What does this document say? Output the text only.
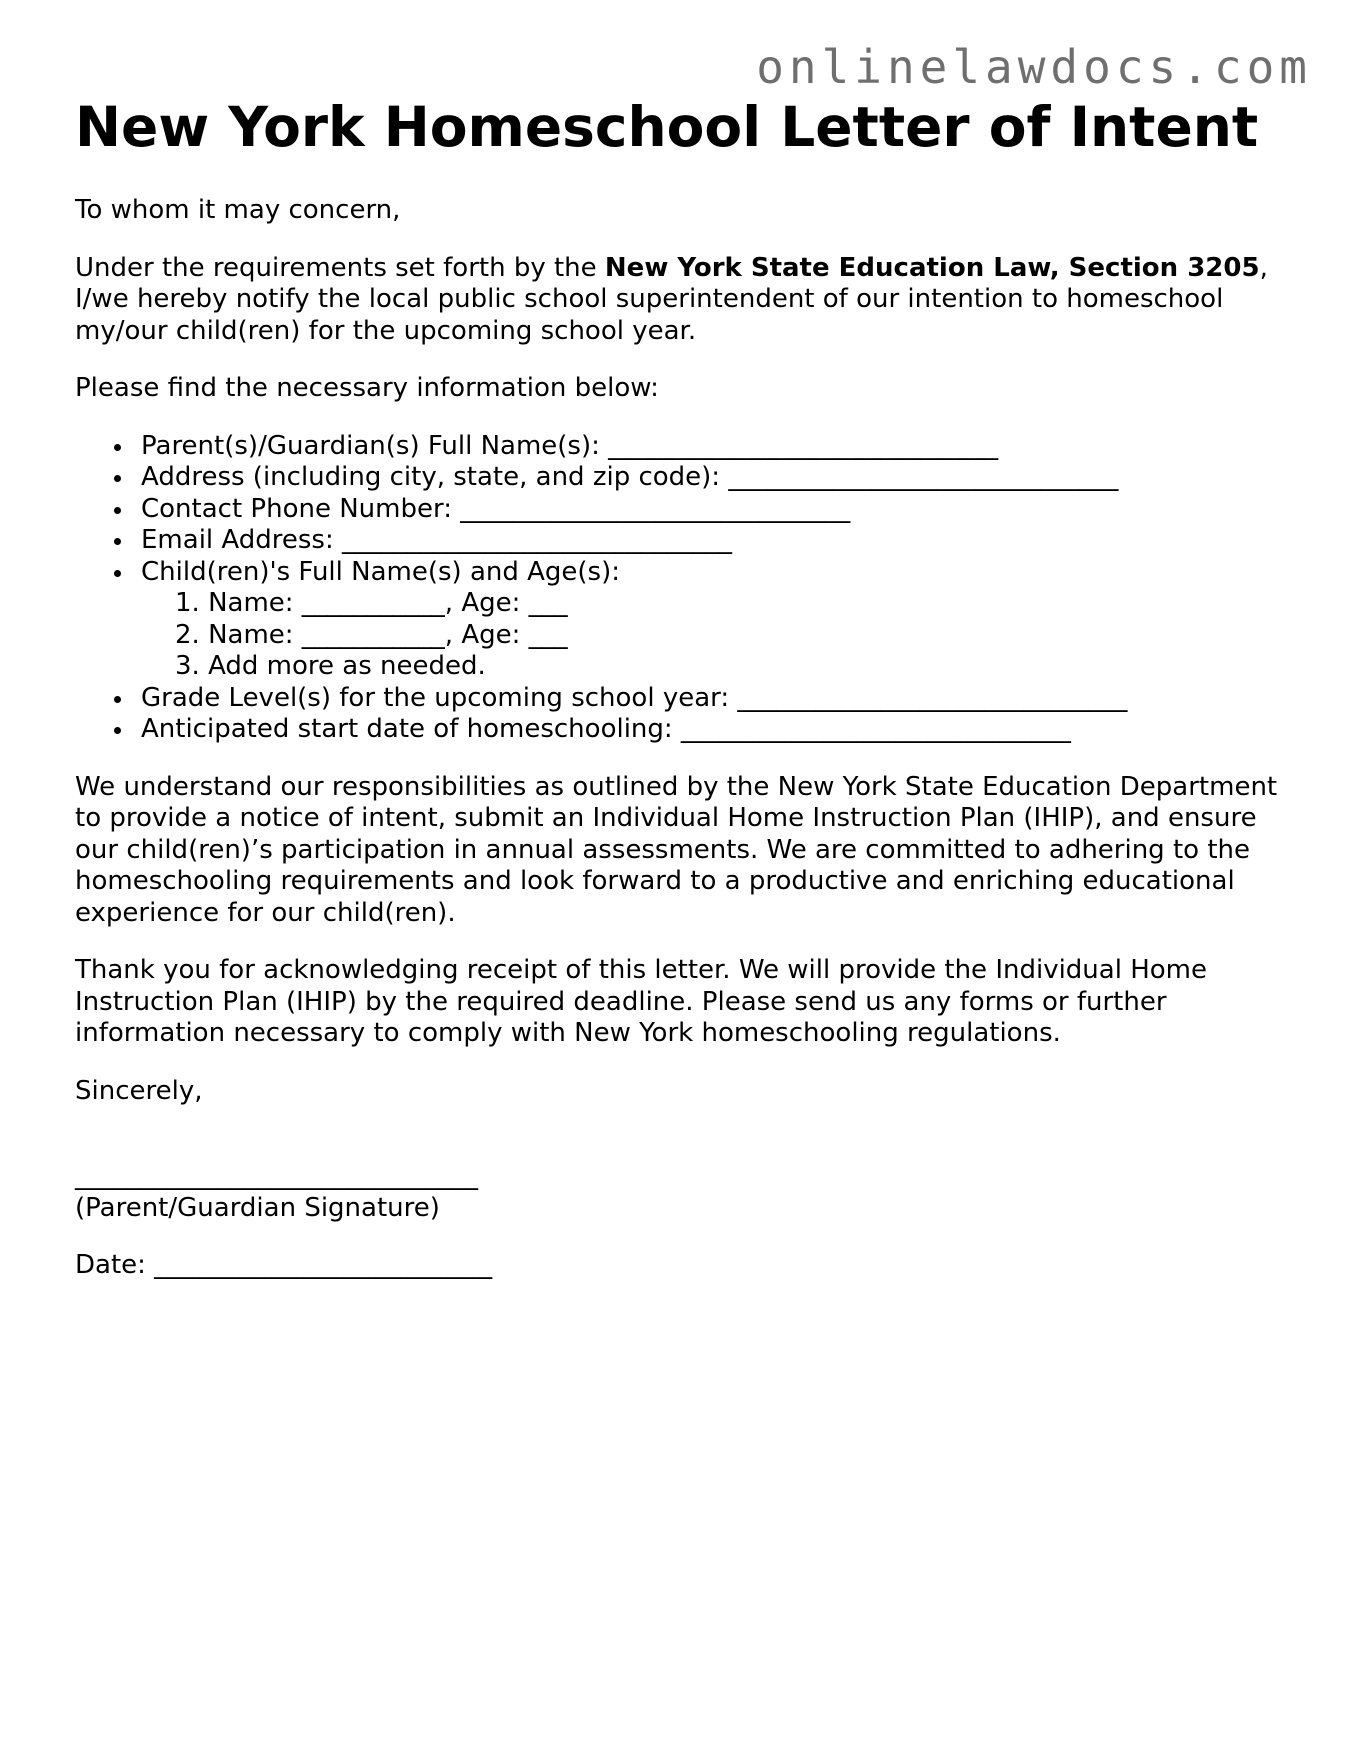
onlinelawdocs.com
New York Homeschool Letter of Intent

To whom it may concern,

Under the requirements set forth by the New York State Education Law, Section 3205, I/we hereby notify the local public school superintendent of our intention to homeschool my/our child(ren) for the upcoming school year.

Please find the necessary information below:

Parent(s)/Guardian(s) Full Name(s): ______________________________
Address (including city, state, and zip code): ______________________________
Contact Phone Number: ______________________________
Email Address: ______________________________
Child(ren)'s Full Name(s) and Age(s):
1. Name: ___________, Age: ___
2. Name: ___________, Age: ___
3. Add more as needed.
Grade Level(s) for the upcoming school year: ______________________________
Anticipated start date of homeschooling: ______________________________

We understand our responsibilities as outlined by the New York State Education Department to provide a notice of intent, submit an Individual Home Instruction Plan (IHIP), and ensure our child(ren)’s participation in annual assessments. We are committed to adhering to the homeschooling requirements and look forward to a productive and enriching educational experience for our child(ren).

Thank you for acknowledging receipt of this letter. We will provide the Individual Home Instruction Plan (IHIP) by the required deadline. Please send us any forms or further information necessary to comply with New York homeschooling regulations.

Sincerely,

_______________________________

(Parent/Guardian Signature)

Date: __________________________
